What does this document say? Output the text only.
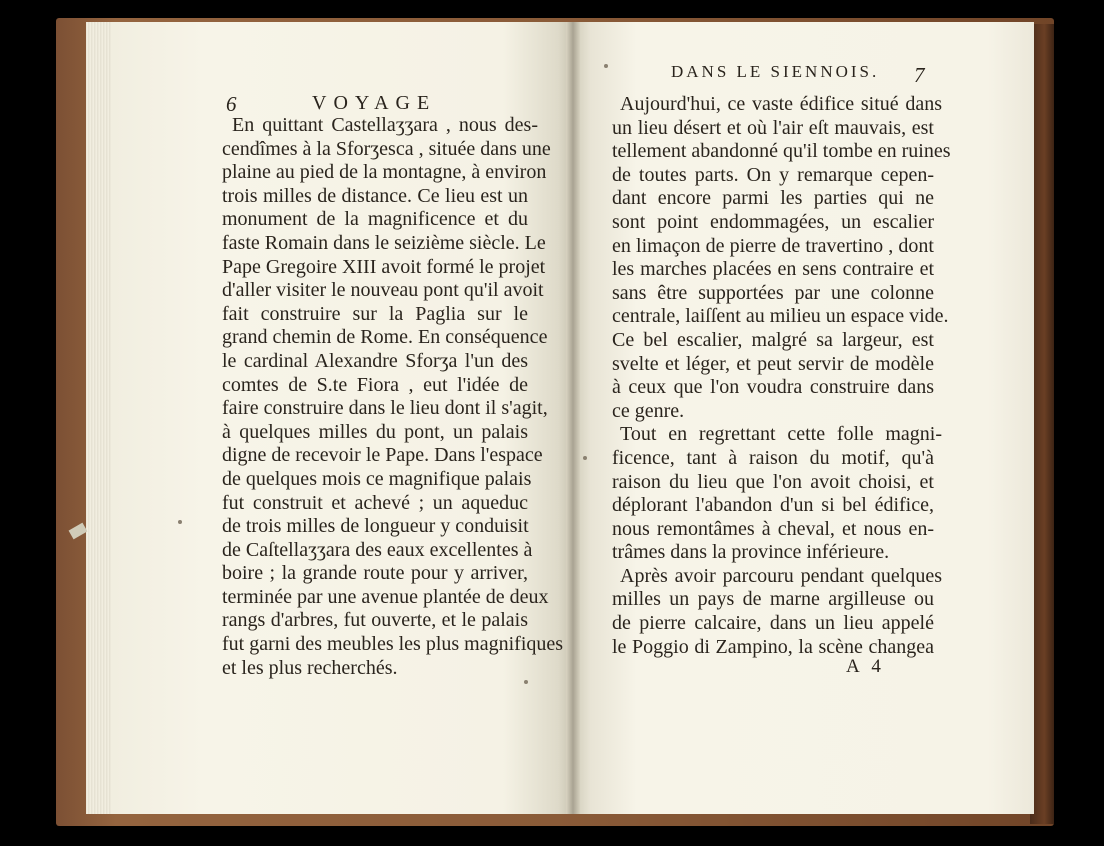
6	VOYAGE
DANS LE SIENNOIS. 7
En quittant Castellaʒʒara , nous des-
cendîmes à la Sforʒesca , située dans une
plaine au pied de la montagne, à environ
trois milles de distance. Ce lieu est un
monument de la magnificence et du
faste Romain dans le seizième siècle. Le
Pape Gregoire XIII avoit formé le projet
d'aller visiter le nouveau pont qu'il avoit
fait construire sur la Paglia sur le
grand chemin de Rome. En conséquence
le cardinal Alexandre Sforʒa l'un des
comtes de S.te Fiora , eut l'idée de
faire construire dans le lieu dont il s'agit,
à quelques milles du pont, un palais
digne de recevoir le Pape. Dans l'espace
de quelques mois ce magnifique palais
fut construit et achevé ; un aqueduc
de trois milles de longueur y conduisit
de Caſtellaʒʒara des eaux excellentes à
boire ; la grande route pour y arriver,
terminée par une avenue plantée de deux
rangs d'arbres, fut ouverte, et le palais
fut garni des meubles les plus magnifiques
et les plus recherchés.
Aujourd'hui, ce vaste édifice situé dans
un lieu désert et où l'air eſt mauvais, est
tellement abandonné qu'il tombe en ruines
de toutes parts. On y remarque cepen-
dant encore parmi les parties qui ne
sont point endommagées, un escalier
en limaçon de pierre de travertino , dont
les marches placées en sens contraire et
sans être supportées par une colonne
centrale, laiſſent au milieu un espace vide.
Ce bel escalier, malgré sa largeur, est
svelte et léger, et peut servir de modèle
à ceux que l'on voudra construire dans
ce genre.
Tout en regrettant cette folle magni-
ficence, tant à raison du motif, qu'à
raison du lieu que l'on avoit choisi, et
déplorant l'abandon d'un si bel édifice,
nous remontâmes à cheval, et nous en-
trâmes dans la province inférieure.
Après avoir parcouru pendant quelques
milles un pays de marne argilleuse ou
de pierre calcaire, dans un lieu appelé
le Poggio di Zampino, la scène changea
A 4
